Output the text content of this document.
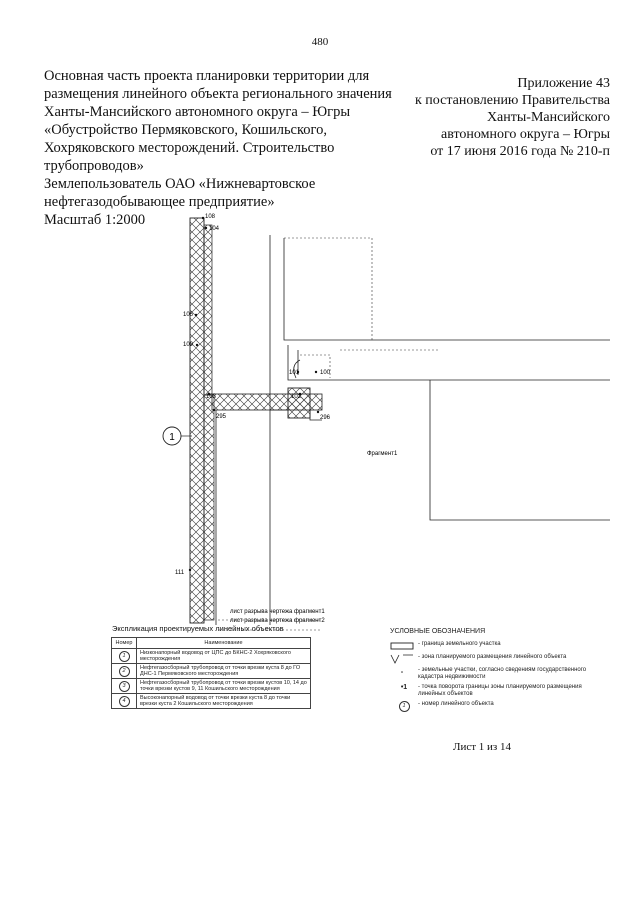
480
Основная часть проекта планировки территории для
размещения линейного объекта регионального значения
Ханты-Мансийского автономного округа – Югры
«Обустройство Пермяковского, Кошильского,
Хохряковского месторождений. Строительство
трубопроводов»
Землепользователь ОАО «Нижневартовское
нефтегазодобывающее предприятие»
Масштаб 1:2000
Приложение 43
к постановлению Правительства
Ханты-Мансийского
автономного округа – Югры
от 17 июня 2016 года № 210-п
108
104
106
109
103
101	100
102
295	296
111
1
Фрагмент1
лист разрыва чертежа фрагмент1
лист разрыва чертежа фрагмент2
Экспликация проектируемых линейных объектов
Номер	Наименование
1	Низконапорный водовод от ЦПС до БКНС-2 Хохряковского месторождения
2	Нефтегазосборный трубопровод от точки врезки куста 8 до ГО ДНС-1 Пермяковского месторождения
3	Нефтегазосборный трубопровод от точки врезки кустов 10, 14 до точки врезки кустов 9, 11 Кошильского месторождения
4	Высоконапорный водовод от точки врезки куста 8 до точки врезки куста 2 Кошильского месторождения
УСЛОВНЫЕ ОБОЗНАЧЕНИЯ
- граница земельного участка
- зона планируемого размещения линейного объекта
- земельные участки, согласно сведениям государственного кадастра недвижимости
•1	- точка поворота границы зоны планируемого размещения линейных объектов
1	- номер линейного объекта
Лист 1 из 14
